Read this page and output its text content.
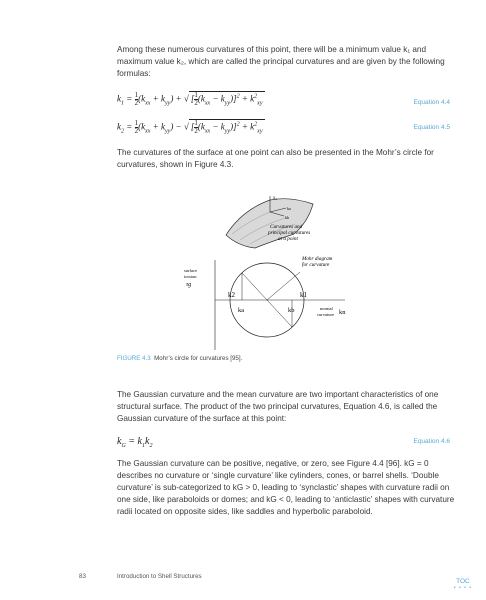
Among these numerous curvatures of this point, there will be a minimum value k₁ and maximum value k₂, which are called the principal curvatures and are given by the following formulas:

$k_1 = \frac{1}{2} (k_{xx} + k_{yy})$ + √ [ $\frac{1}{2} (k_{xx} - k_{yy})]^2 + k^2_{xy}$	Equation 4.4
$k_2 = \frac{1}{2} (k_{xx} + k_{yy})$ − √ [ $\frac{1}{2} (k_{xx} - k_{yy})]^2 + k^2_{xy}$
Equation 4.5

The curvatures of the surface at one point can also be presented in the Mohr’s circle for curvatures, shown in Figure 4.3.

x₃
ka
kb
Curvatures and
principal curvatures
at a point
Mohr diagram
for curvature
surface
torsion
τg
k2	k1
ka	kb	normal
curvature kn
FIGURE 4.3 Mohr’s circle for curvatures [95].

The Gaussian curvature and the mean curvature are two important characteristics of one structural surface. The product of the two principal curvatures, Equation 4.6, is called the Gaussian curvature of the surface at this point:

$k_G = k_1k_2$
Equation 4.6

The Gaussian curvature can be positive, negative, or zero, see Figure 4.4 [96]. kG = 0 describes no curvature or ‘single curvature’ like cylinders, cones, or barrel shells. ‘Double curvature’ is sub-categorized to kG > 0, leading to ‘synclastic’ shapes with curvature radii on one side, like paraboloids or domes; and kG < 0, leading to ‘anticlastic’ shapes with curvature radii located on opposite sides, like saddles and hyperbolic paraboloid.

83	Introduction to Shell Structures
TOC
• • • •
